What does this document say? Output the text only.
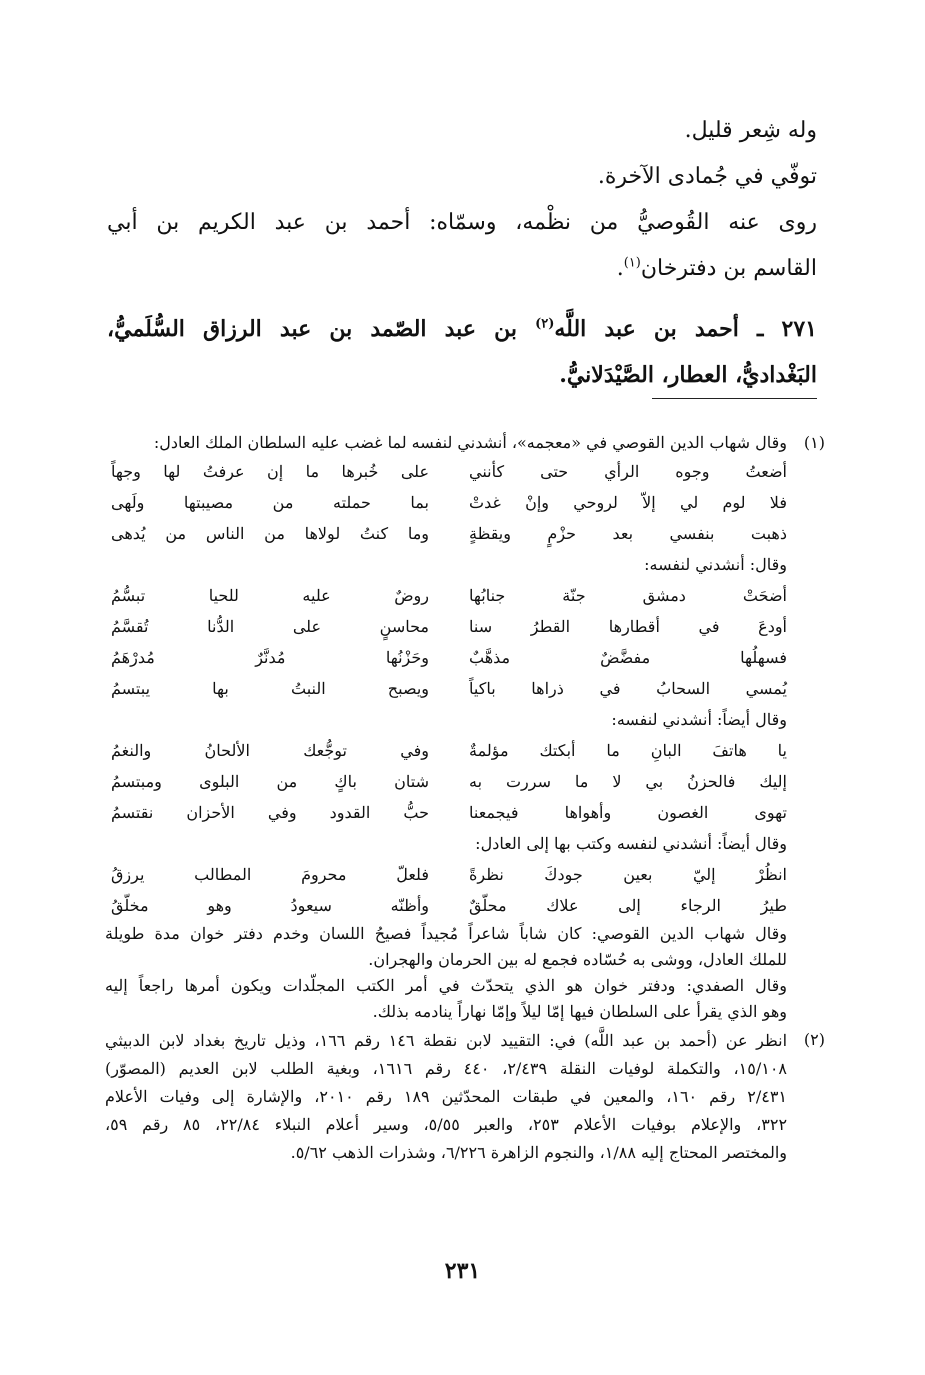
وله شِعر قليل.
توفّي في جُمادى الآخرة.
روى عنه القُوصيُّ من نظْمه، وسمّاه: أحمد بن عبد الكريم بن أبي
القاسم بن دفترخان$^{(١)}$.
٢٧١ ـ أحمد بن عبد اللَّه$^{(٢)}$ بن عبد الصّمد بن عبد الرزاق السُّلَميُّ،
البَغْداديُّ، العطار، الصَّيْدَلانيُّ.
(١)
وقال شهاب الدين القوصي في «معجمه»، أنشدني لنفسه لما غضب عليه السلطان الملك العادل:
أضعتُ وجوه الرأي حتى كأنني
على خُبرها ما إن عرفتُ لها وجهاً
فلا لوم لي إلاّ لروحي وإنْ غدتْ
بما حملته من مصيبتها ولَهى
ذهبت بنفسي بعد حزْمٍ ويقظةٍ
وما كنتُ لولاها من الناس من يُدهى
وقال: أنشدني لنفسه:
أضحَتْ دمشق جنّة جنابُها
روضٌ عليه للحيا تبسُّمُ
أودعَ في أقطارها القطرُ سنا
محاسنٍ على الدُّنا تُقسَّمُ
فسهلُها مفضَّضٌ مذهَّبٌ
وحَزْنُها مُدنَّرٌ مُدرْهَمُ
يُمسي السحابُ في ذراها باكياً
ويصبح النبتُ بها يبتسمُ
وقال أيضاً: أنشدني لنفسه:
يا هاتفَ البانِ ما أبكتك مؤلمةٌ
وفي توجُّعك الألحانُ والنغمُ
إليك فالحزنُ بي لا ما سررت به
شتان باكٍ من البلوى ومبتسمُ
تهوى الغصون وأهواها فيجمعنا
حبُّ القدود وفي الأحزان نقتسمُ
وقال أيضاً: أنشدني لنفسه وكتب بها إلى العادل:
انظُرْ إليّ بعين جودكَ نظرةً
فلعلّ محرومَ المطالب يرزقُ
طيرُ الرجاء إلى علاك محلّقٌ
وأظنّه سيعودُ وهو مخلّقُ
وقال شهاب الدين القوصي: كان شاباً شاعراً مُجيداً فصيحُ اللسان وخدم دفتر خوان مدة طويلة
للملك العادل، ووشى به حُسّاده فجمع له بين الحرمان والهجران.
وقال الصفدي: ودفتر خوان هو الذي يتحدّث في أمر الكتب المجلّدات ويكون أمرها راجعاً إليه
وهو الذي يقرأ على السلطان فيها إمّا ليلاً وإمّا نهاراً ينادمه بذلك.
(٢)
انظر عن (أحمد بن عبد اللَّه) في: التقييد لابن نقطة ١٤٦ رقم ١٦٦، وذيل تاريخ بغداد لابن الدبيثي
١٥/١٠٨، والتكملة لوفيات النقلة ٢/٤٣٩، ٤٤٠ رقم ١٦١٦، وبغية الطلب لابن العديم (المصوّر)
٢/٤٣١ رقم ١٦٠، والمعين في طبقات المحدّثين ١٨٩ رقم ٢٠١٠، والإشارة إلى وفيات الأعلام
٣٢٢، والإعلام بوفيات الأعلام ٢٥٣، والعبر ٥/٥٥، وسير أعلام النبلاء ٢٢/٨٤، ٨٥ رقم ٥٩،
والمختصر المحتاج إليه ١/٨٨، والنجوم الزاهرة ٦/٢٢٦، وشذرات الذهب ٥/٦٢.
٢٣١
